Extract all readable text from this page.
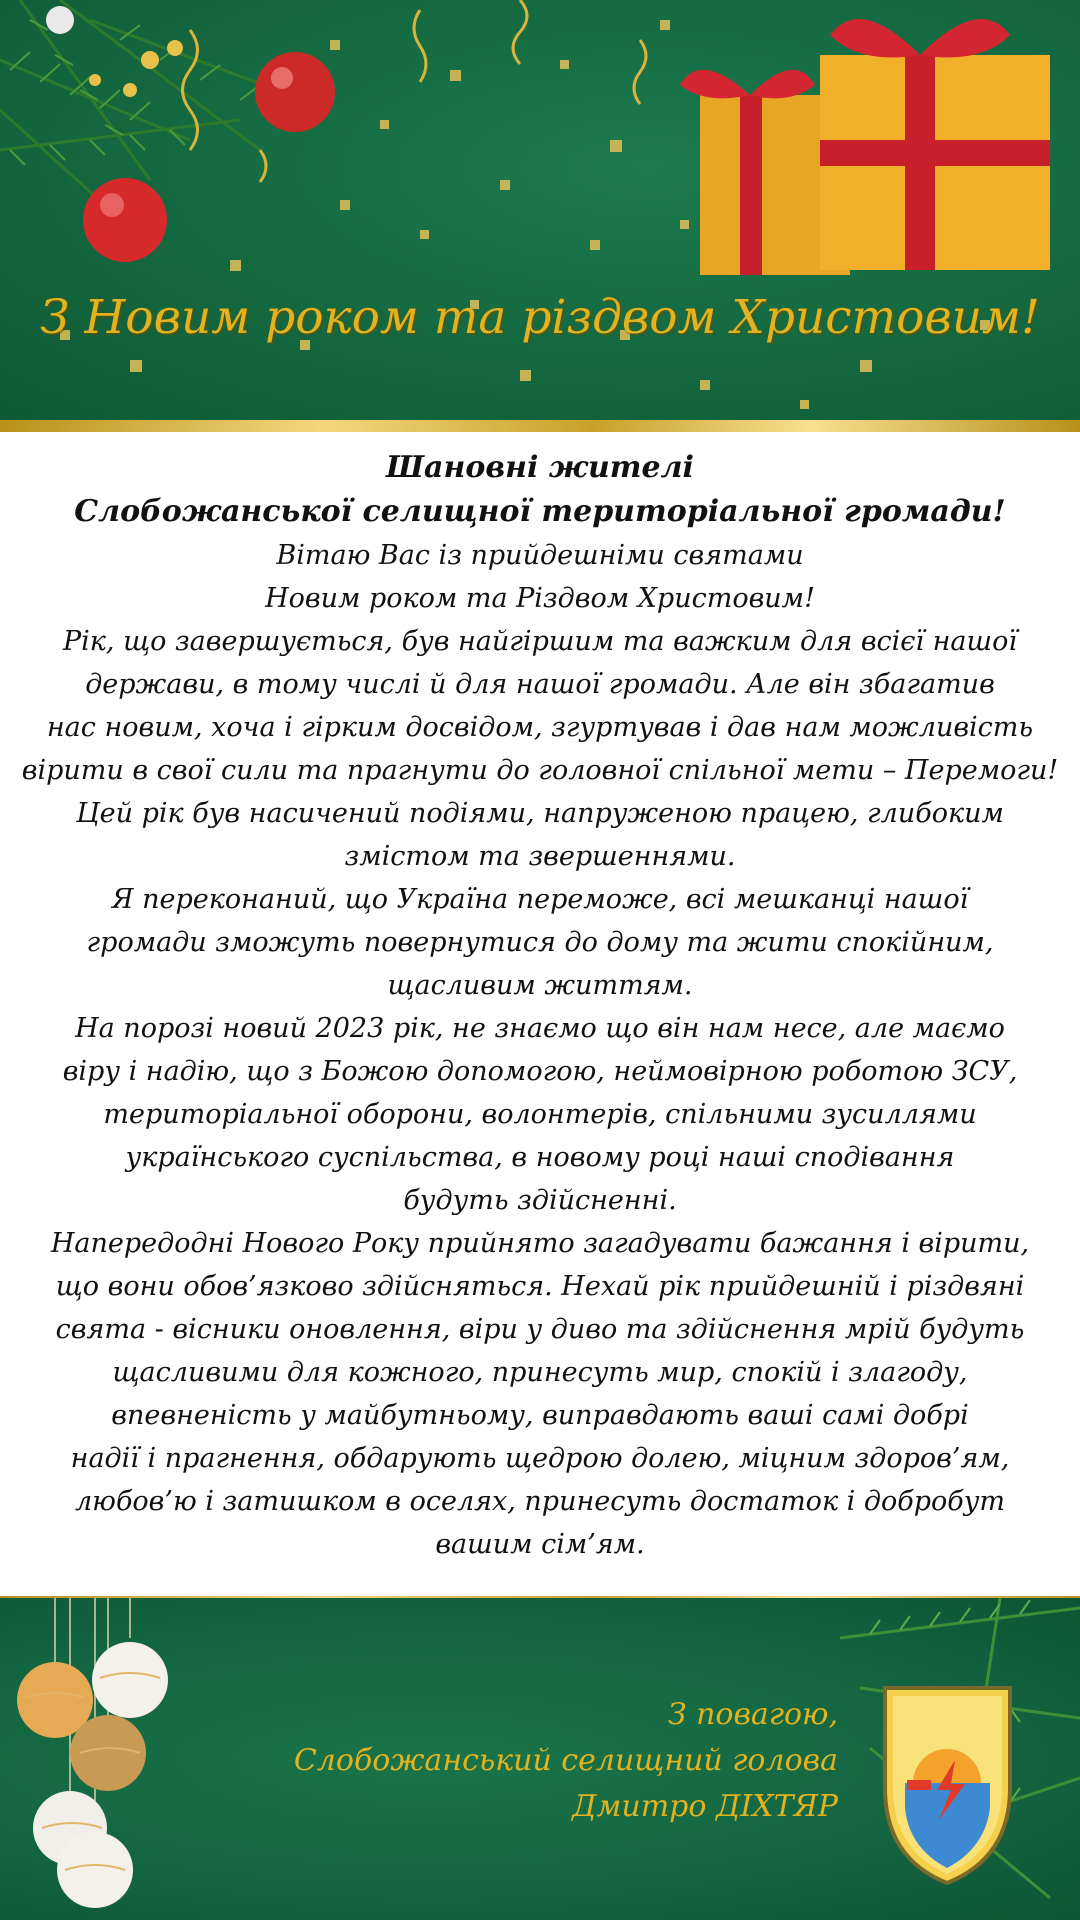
З Новим роком та різдвом Христовим!

Шановні жителі
Слобожанської селищної територіальної громади!

Вітаю Вас із прийдешніми святами
Новим роком та Різдвом Христовим!

Рік, що завершується, був найгіршим та важким для всієї нашої
держави, в тому числі й для нашої громади. Але він збагатив
нас новим, хоча і гірким досвідом, згуртував і дав нам можливість
вірити в свої сили та прагнути до головної спільної мети – Перемоги!

Цей рік був насичений подіями, напруженою працею, глибоким
змістом та звершеннями.

Я переконаний, що Україна переможе, всі мешканці нашої
громади зможуть повернутися до дому та жити спокійним,
щасливим життям.

На порозі новий 2023 рік, не знаємо що він нам несе, але маємо
віру і надію, що з Божою допомогою, неймовірною роботою ЗСУ,
територіальної оборони, волонтерів, спільними зусиллями
українського суспільства, в новому році наші сподівання
будуть здійсненні.

Напередодні Нового Року прийнято загадувати бажання і вірити,
що вони обов’язково здійсняться. Нехай рік прийдешній і різдвяні
свята - вісники оновлення, віри у диво та здійснення мрій будуть
щасливими для кожного, принесуть мир, спокій і злагоду,
впевненість у майбутньому, виправдають ваші самі добрі
надії і прагнення, обдарують щедрою долею, міцним здоров’ям,
любов’ю і затишком в оселях, принесуть достаток і добробут
вашим сім’ям.

З повагою,
Слобожанський селищний голова
Дмитро ДІХТЯР
